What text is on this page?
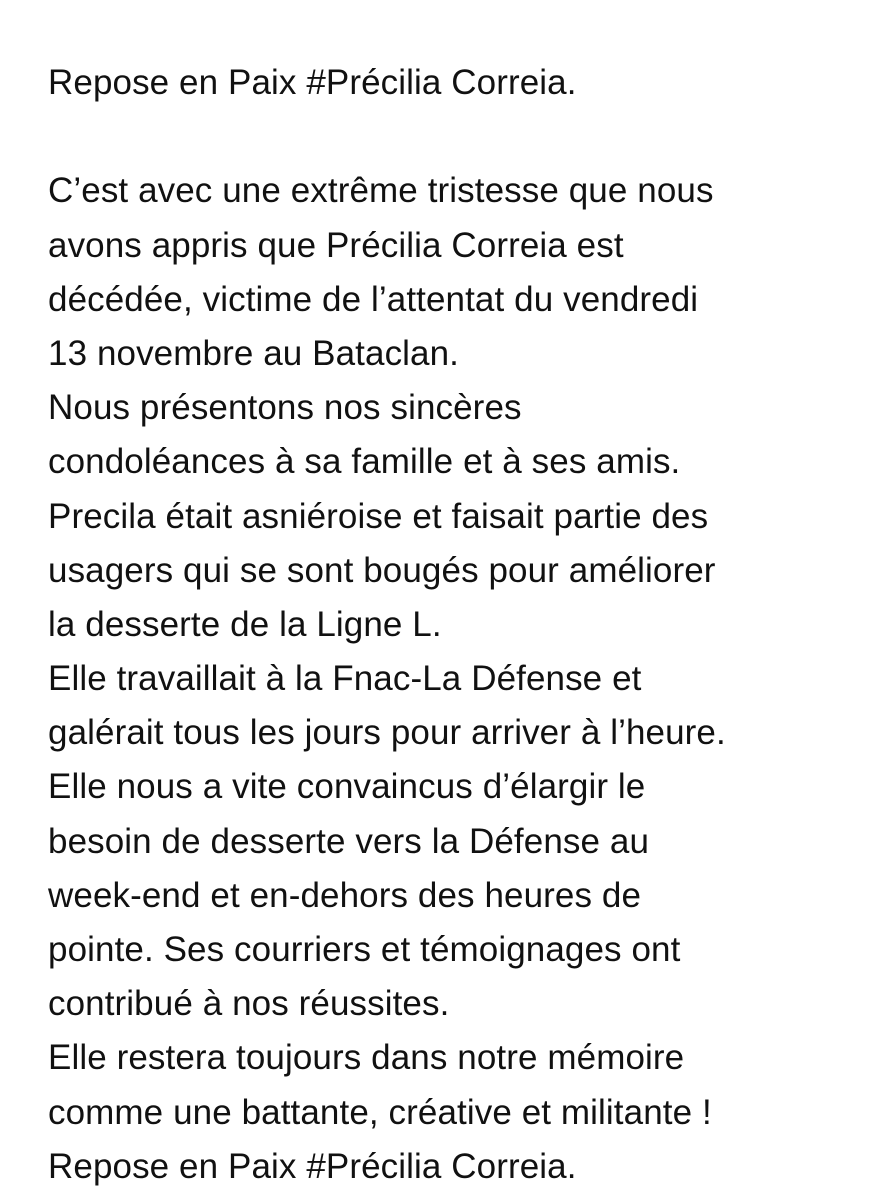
Repose en Paix #Précilia Correia.
C’est avec une extrême tristesse que nous
avons appris que Précilia Correia est
décédée, victime de l’attentat du vendredi
13 novembre au Bataclan.
Nous présentons nos sincères
condoléances à sa famille et à ses amis.
Precila était asniéroise et faisait partie des
usagers qui se sont bougés pour améliorer
la desserte de la Ligne L.
Elle travaillait à la Fnac-La Défense et
galérait tous les jours pour arriver à l’heure.
Elle nous a vite convaincus d’élargir le
besoin de desserte vers la Défense au
week-end et en-dehors des heures de
pointe. Ses courriers et témoignages ont
contribué à nos réussites.
Elle restera toujours dans notre mémoire
comme une battante, créative et militante !
Repose en Paix #Précilia Correia.
